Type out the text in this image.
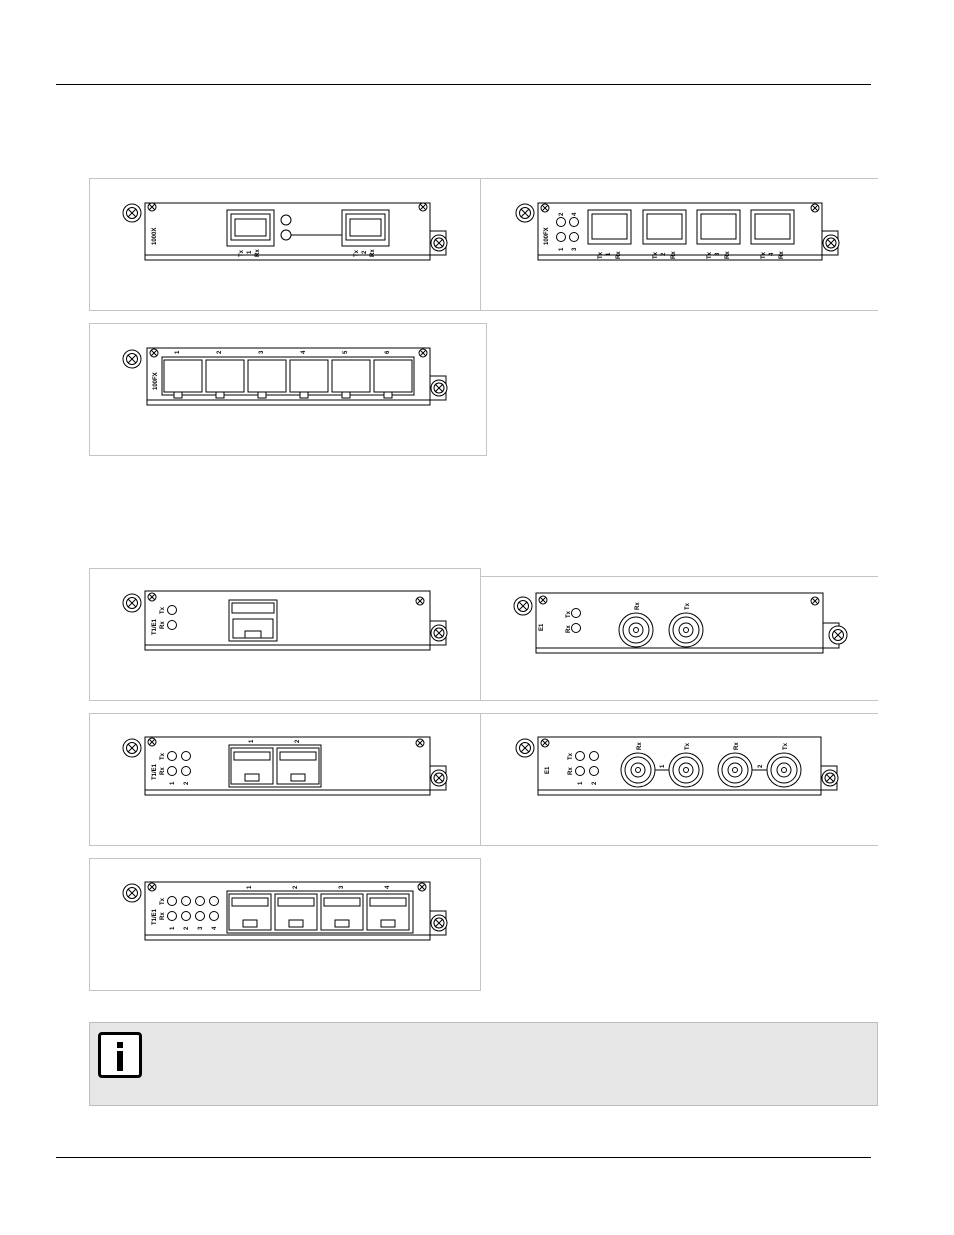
1000X
Tx 1 Rx	Tx 2 Rx
100FX
2 4
1 3
Tx 1 Rx	Tx 2 Rx	Tx 3 Rx	Tx 4 Rx
100FX
1	2	3	4	5	6
T1/E1
Tx
Rx	E1
Tx
Rx
Rx	Tx
T1/E1
Tx
Rx
1 2
1	2
E1
Tx
Rx
1 2
1	2
Rx	Tx	Rx	Tx
T1/E1
Tx
Rx
1 2 3 4
1	2	3	4
